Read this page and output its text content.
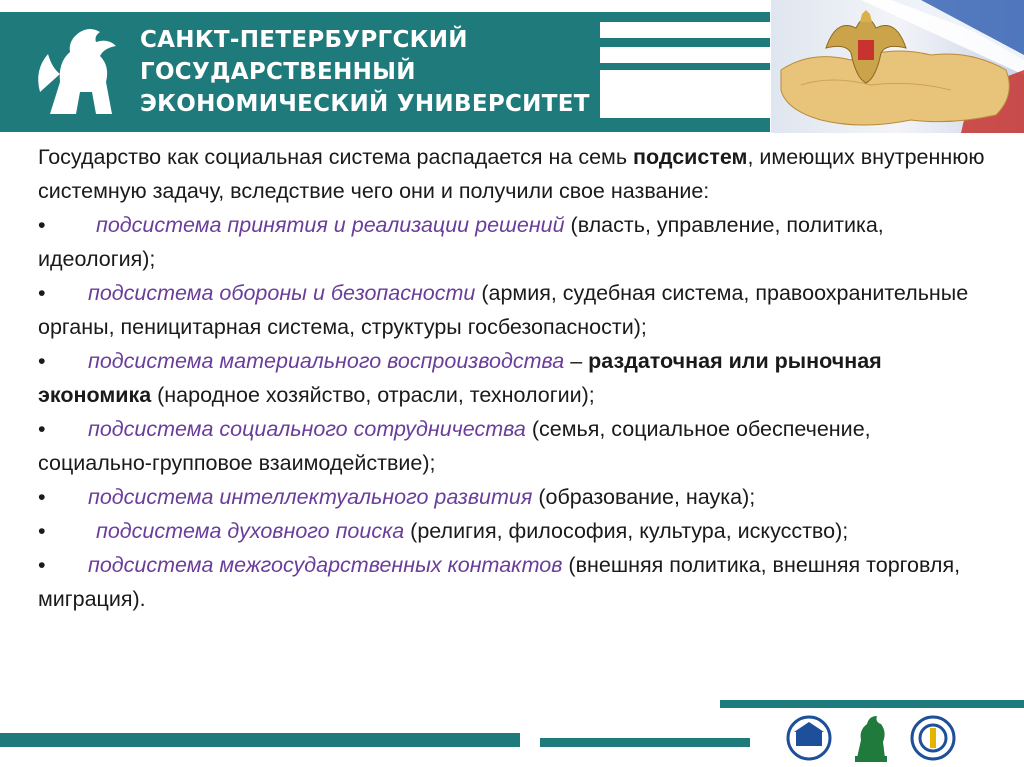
САНКТ-ПЕТЕРБУРГСКИЙ
ГОСУДАРСТВЕННЫЙ
ЭКОНОМИЧЕСКИЙ УНИВЕРСИТЕТ

Государство как социальная система распадается на семь подсистем, имеющих внутреннюю системную задачу, вследствие чего они и получили свое название:

• подсистема принятия и реализации решений (власть, управление, политика, идеология);

• подсистема обороны и безопасности (армия, судебная система, правоохранительные органы, пеницитарная система, структуры госбезопасности);

• подсистема материального воспроизводства – раздаточная или рыночная экономика (народное хозяйство, отрасли, технологии);

• подсистема социального сотрудничества (семья, социальное обеспечение, социально-групповое взаимодействие);

• подсистема интеллектуального развития (образование, наука);

• подсистема духовного поиска (религия, философия, культура, искусство);

• подсистема межгосударственных контактов (внешняя политика, внешняя торговля, миграция).
